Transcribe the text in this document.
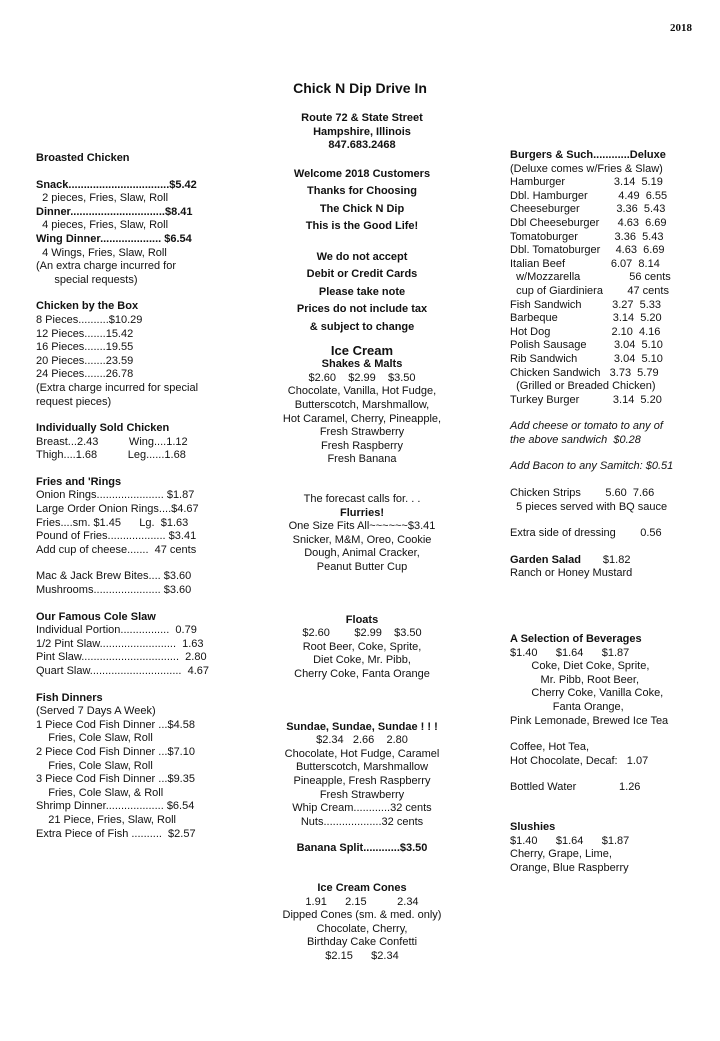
2018
Chick N Dip Drive In
Broasted Chicken
Snack.................................$5.42
2 pieces, Fries, Slaw, Roll
Dinner...............................$8.41
4 pieces, Fries, Slaw, Roll
Wing Dinner.................... $6.54
4 Wings, Fries, Slaw, Roll
(An extra charge incurred for
special requests)
Chicken by the Box
8 Pieces..........$10.29
12 Pieces.......15.42
16 Pieces.......19.55
20 Pieces.......23.59
24 Pieces.......26.78
(Extra charge incurred for special
request pieces)
Individually Sold Chicken
Breast...2.43          Wing....1.12
Thigh....1.68          Leg......1.68
Fries and 'Rings
Onion Rings...................... $1.87
Large Order Onion Rings....$4.67
Fries....sm. $1.45      Lg.  $1.63
Pound of Fries................... $3.41
Add cup of cheese.......  47 cents
Mac & Jack Brew Bites.... $3.60
Mushrooms...................... $3.60
Our Famous Cole Slaw
Individual Portion................  0.79
1/2 Pint Slaw.........................  1.63
Pint Slaw................................  2.80
Quart Slaw..............................  4.67
Fish Dinners
(Served 7 Days A Week)
1 Piece Cod Fish Dinner ...$4.58
Fries, Cole Slaw, Roll
2 Piece Cod Fish Dinner ...$7.10
Fries, Cole Slaw, Roll
3 Piece Cod Fish Dinner ...$9.35
Fries, Cole Slaw, & Roll
Shrimp Dinner................... $6.54
21 Piece, Fries, Slaw, Roll
Extra Piece of Fish ..........  $2.57
Route 72 & State Street
Hampshire, Illinois
847.683.2468
Welcome 2018 Customers
Thanks for Choosing
The Chick N Dip
This is the Good Life!
We do not accept
Debit or Credit Cards
Please take note
Prices do not include tax
& subject to change
Ice Cream
Shakes & Malts
$2.60    $2.99    $3.50
Chocolate, Vanilla, Hot Fudge,
Butterscotch, Marshmallow,
Hot Caramel, Cherry, Pineapple,
Fresh Strawberry
Fresh Raspberry
Fresh Banana
The forecast calls for. . .
Flurries!
One Size Fits All~~~~~~$3.41
Snicker, M&M, Oreo, Cookie
Dough, Animal Cracker,
Peanut Butter Cup
Floats
$2.60        $2.99    $3.50
Root Beer, Coke, Sprite,
Diet Coke, Mr. Pibb,
Cherry Coke, Fanta Orange
Sundae, Sundae, Sundae ! ! !
$2.34   2.66    2.80
Chocolate, Hot Fudge, Caramel
Butterscotch, Marshmallow
Pineapple, Fresh Raspberry
Fresh Strawberry
Whip Cream............32 cents
Nuts...................32 cents
Banana Split............$3.50
Ice Cream Cones
1.91      2.15          2.34
Dipped Cones (sm. & med. only)
Chocolate, Cherry,
Birthday Cake Confetti
$2.15      $2.34
Burgers & Such............Deluxe
(Deluxe comes w/Fries & Slaw)
Hamburger                3.14  5.19
Dbl. Hamburger          4.49  6.55
Cheeseburger            3.36  5.43
Dbl Cheeseburger      4.63  6.69
Tomatoburger            3.36  5.43
Dbl. Tomatoburger     4.63  6.69
Italian Beef               6.07  8.14
w/Mozzarella                56 cents
cup of Giardiniera        47 cents
Fish Sandwich          3.27  5.33
Barbeque                  3.14  5.20
Hot Dog                    2.10  4.16
Polish Sausage         3.04  5.10
Rib Sandwich            3.04  5.10
Chicken Sandwich   3.73  5.79
(Grilled or Breaded Chicken)
Turkey Burger           3.14  5.20
Add cheese or tomato to any of
the above sandwich  $0.28
Add Bacon to any Samitch: $0.51
Chicken Strips        5.60  7.66
5 pieces served with BQ sauce
Extra side of dressing        0.56
Garden Salad $1.82
Ranch or Honey Mustard
A Selection of Beverages
$1.40      $1.64      $1.87
Coke, Diet Coke, Sprite,
Mr. Pibb, Root Beer,
Cherry Coke, Vanilla Coke,
Fanta Orange,
Pink Lemonade, Brewed Ice Tea
Coffee, Hot Tea,
Hot Chocolate, Decaf:   1.07
Bottled Water              1.26
Slushies
$1.40      $1.64      $1.87
Cherry, Grape, Lime,
Orange, Blue Raspberry
